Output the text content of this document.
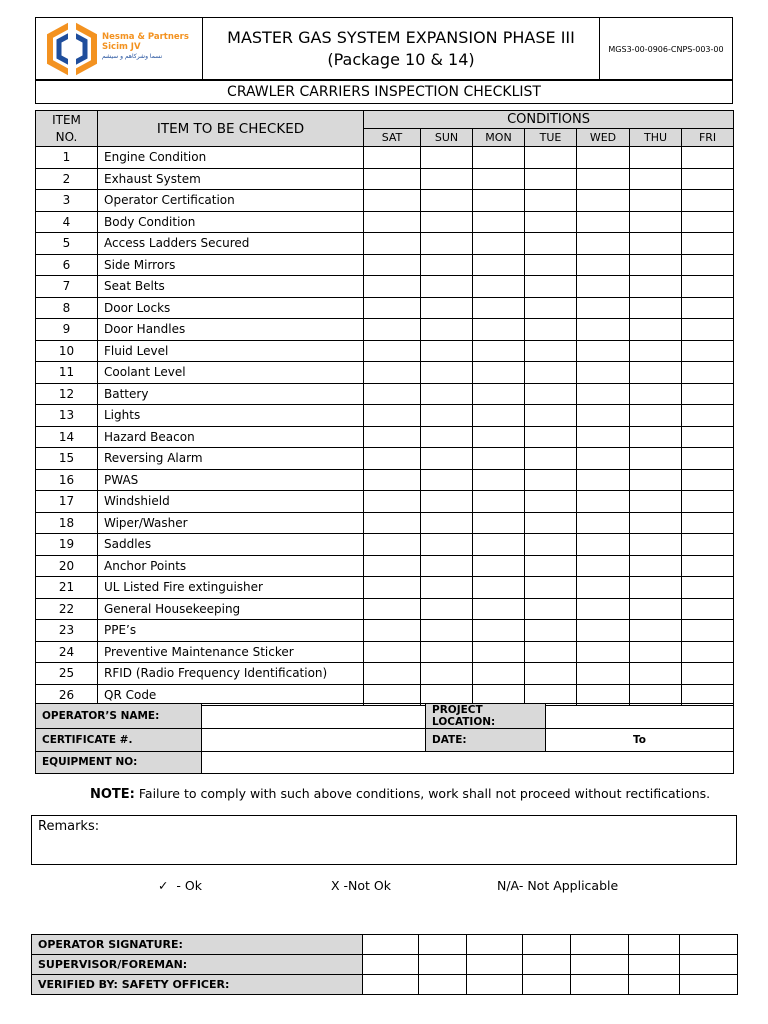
Nesma & Partners
Sicim JV
نسما وشركاهم و سيشم

MASTER GAS SYSTEM EXPANSION PHASE III
(Package 10 & 14)
	MGS3-00-0906-CNPS-003-00
CRAWLER CARRIERS INSPECTION CHECKLIST
ITEM NO.	ITEM TO BE CHECKED	CONDITIONS						
		SAT	SUN	MON	TUE	WED	THU	FRI
1	Engine Condition							
2	Exhaust System							
3	Operator Certification							
4	Body Condition							
5	Access Ladders Secured							
6	Side Mirrors							
7	Seat Belts							
8	Door Locks							
9	Door Handles							
10	Fluid Level							
11	Coolant Level							
12	Battery							
13	Lights							
14	Hazard Beacon							
15	Reversing Alarm							
16	PWAS							
17	Windshield							
18	Wiper/Washer							
19	Saddles							
20	Anchor Points							
21	UL Listed Fire extinguisher							
22	General Housekeeping							
23	PPE’s							
24	Preventive Maintenance Sticker							
25	RFID (Radio Frequency Identification)							
26	QR Code							
OPERATOR’S NAME:		PROJECT LOCATION:	
CERTIFICATE #.		DATE:	To
EQUIPMENT NO:			
NOTE: Failure to comply with such above conditions, work shall not proceed without rectifications.
Remarks:
✓  - Ok	X -Not Ok	N/A- Not Applicable
OPERATOR SIGNATURE:							
SUPERVISOR/FOREMAN:							
VERIFIED BY: SAFETY OFFICER:							
